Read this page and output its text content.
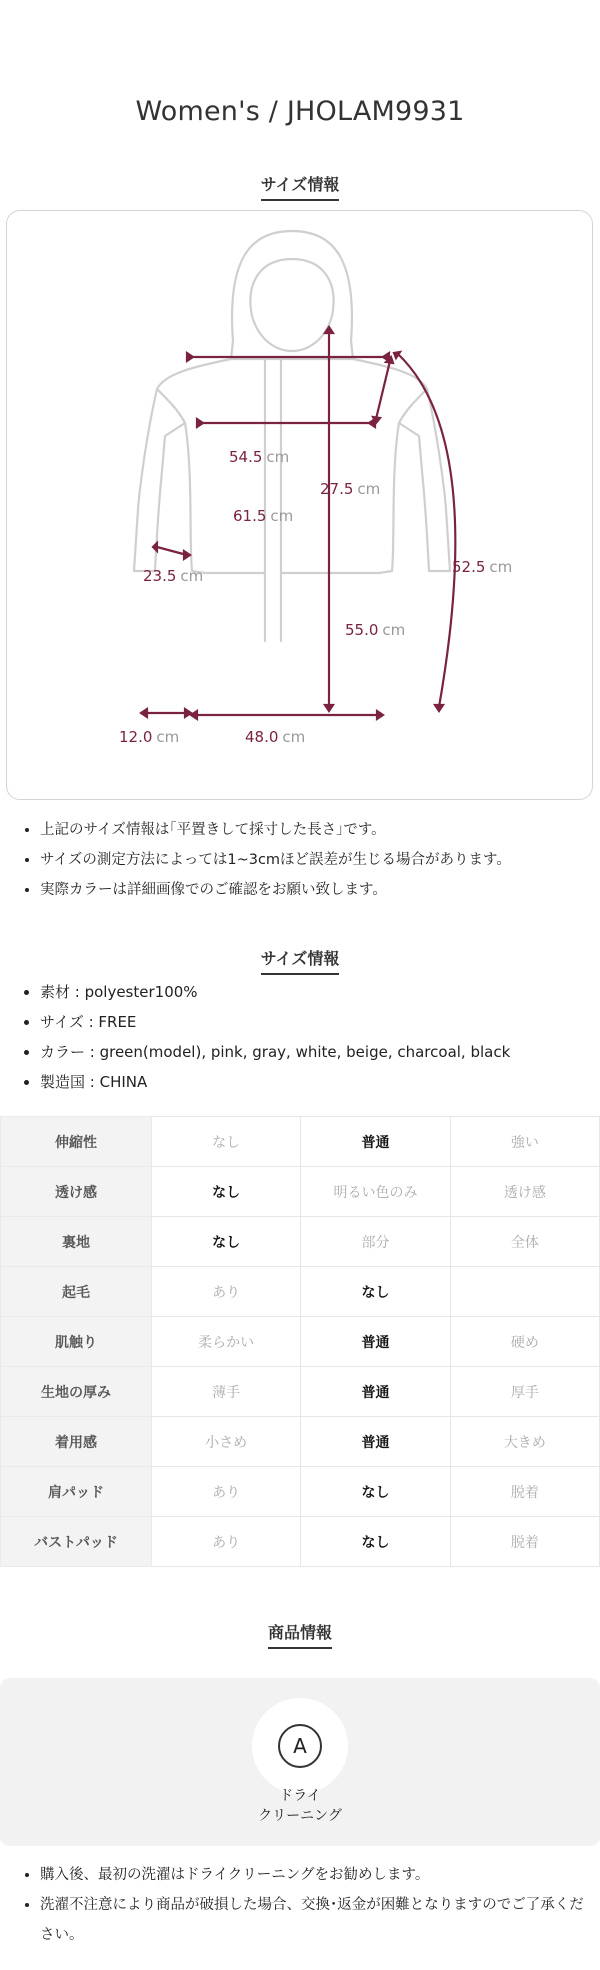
Women's / JHOLAM9931
サイズ情報
54.5 cm
61.5 cm
27.5 cm
52.5 cm
23.5 cm
55.0 cm
12.0 cm	48.0 cm
• 上記のサイズ情報は｢平置きして採寸した長さ｣です。
• サイズの測定方法によっては1~3cmほど誤差が生じる場合があります。
• 実際カラーは詳細画像でのご確認をお願い致します。
サイズ情報
• 素材 : polyester100%
• サイズ : FREE
• カラー : green(model), pink, gray, white, beige, charcoal, black
• 製造国 : CHINA
伸縮性	なし	普通	強い
透け感	なし	明るい色のみ	透け感
裏地	なし	部分	全体
起毛	あり	なし	
肌触り	柔らかい	普通	硬め
生地の厚み	薄手	普通	厚手
着用感	小さめ	普通	大きめ
肩パッド	あり	なし	脱着
バストパッド	あり	なし	脱着
商品情報
A
ドライ
クリーニング
• 購入後、最初の洗濯はドライクリーニングをお勧めします。
• 洗濯不注意により商品が破損した場合、交換･返金が困難となりますのでご了承ください。
